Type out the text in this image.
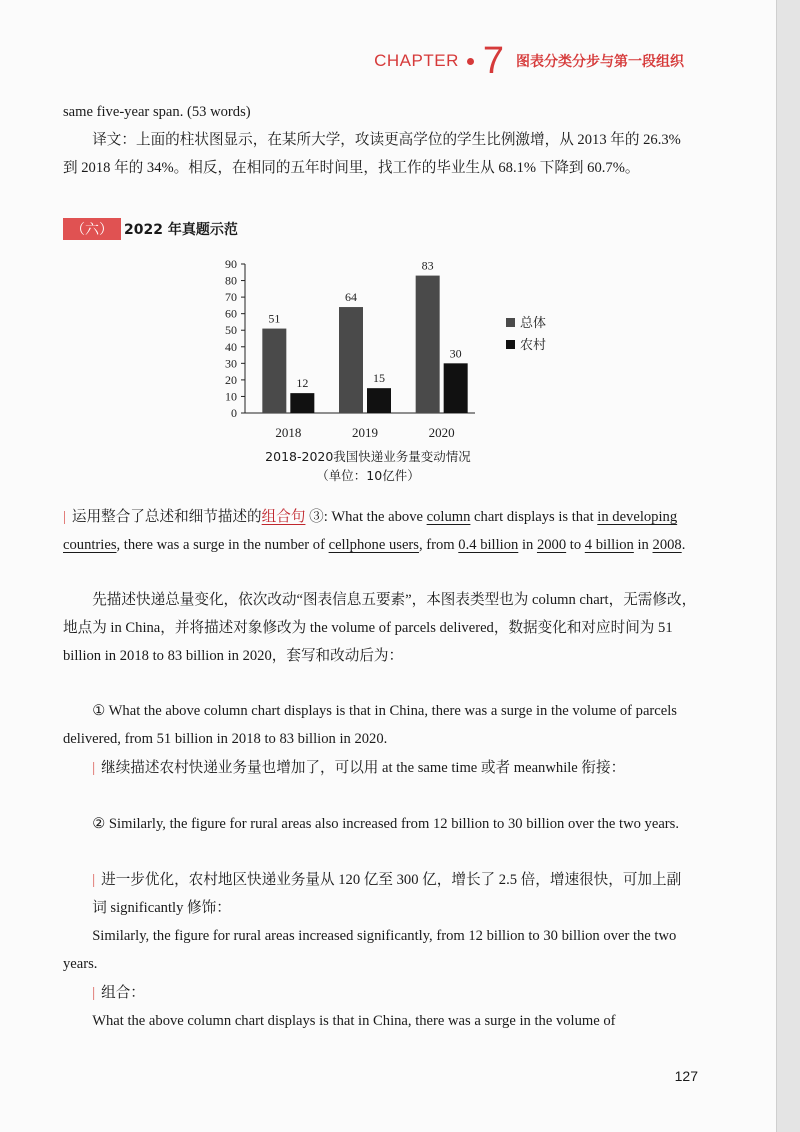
CHAPTER 7 图表分类分步与第一段组织
same five-year span. (53 words)
译文：上面的柱状图显示，在某所大学，攻读更高学位的学生比例激增，从 2013 年的 26.3% 到 2018 年的 34%。相反，在相同的五年时间里，找工作的毕业生从 68.1% 下降到 60.7%。
（六） 2022 年真题示范
0
10
20
30
40
50
60
70
80
90
51
12
2018
64
15
2019
83
30
2020
总体
农村
2018-2020我国快递业务量变动情况
（单位：10亿件）
| 运用整合了总述和细节描述的组合句 ③: What the above column chart displays is that in developing countries, there was a surge in the number of cellphone users, from 0.4 billion in 2000 to 4 billion in 2008.
先描述快递总量变化，依次改动“图表信息五要素”，本图表类型也为 column chart，无需修改，地点为 in China，并将描述对象修改为 the volume of parcels delivered，数据变化和对应时间为 51 billion in 2018 to 83 billion in 2020，套写和改动后为：
① What the above column chart displays is that in China, there was a surge in the volume of parcels delivered, from 51 billion in 2018 to 83 billion in 2020.
| 继续描述农村快递业务量也增加了，可以用 at the same time 或者 meanwhile 衔接：
② Similarly, the figure for rural areas also increased from 12 billion to 30 billion over the two years.
| 进一步优化，农村地区快递业务量从 120 亿至 300 亿，增长了 2.5 倍，增速很快，可加上副词 significantly 修饰：
Similarly, the figure for rural areas increased significantly, from 12 billion to 30 billion over the two years.
| 组合：
What the above column chart displays is that in China, there was a surge in the volume of
127
